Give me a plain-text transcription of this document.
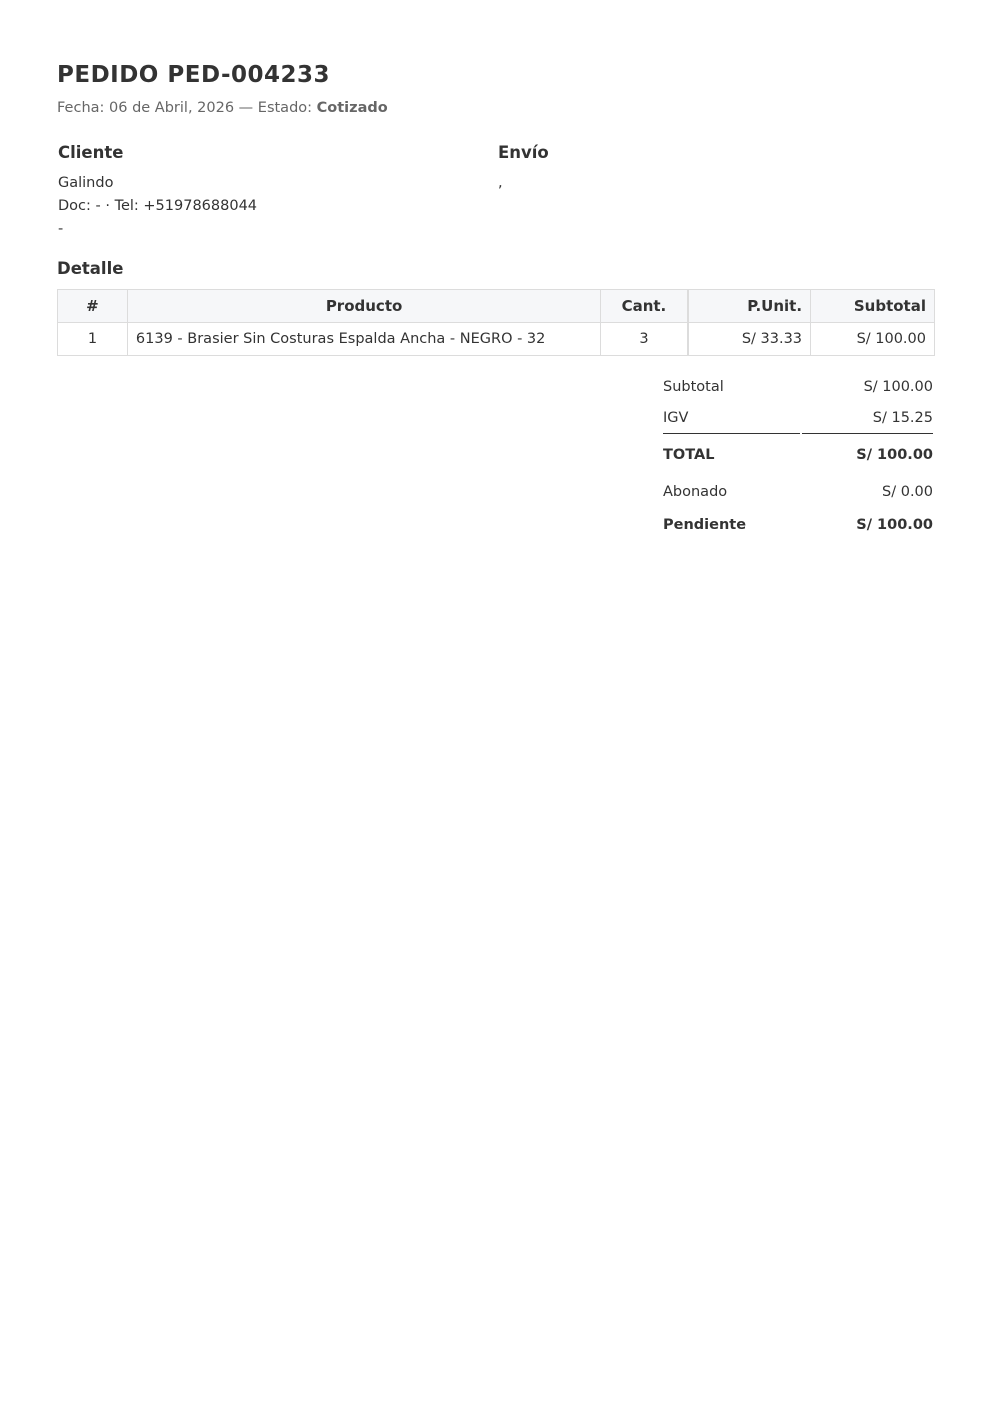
PEDIDO PED-004233
Fecha: 06 de Abril, 2026 — Estado: Cotizado
Cliente
Galindo
Doc: - · Tel: +51978688044
-
Envío
,
Detalle
#	Producto	Cant.	P.Unit.	Subtotal
1	6139 - Brasier Sin Costuras Espalda Ancha - NEGRO - 32	3	S/ 33.33	S/ 100.00
Subtotal	S/ 100.00
IGV	S/ 15.25
TOTAL	S/ 100.00
Abonado	S/ 0.00
Pendiente	S/ 100.00
